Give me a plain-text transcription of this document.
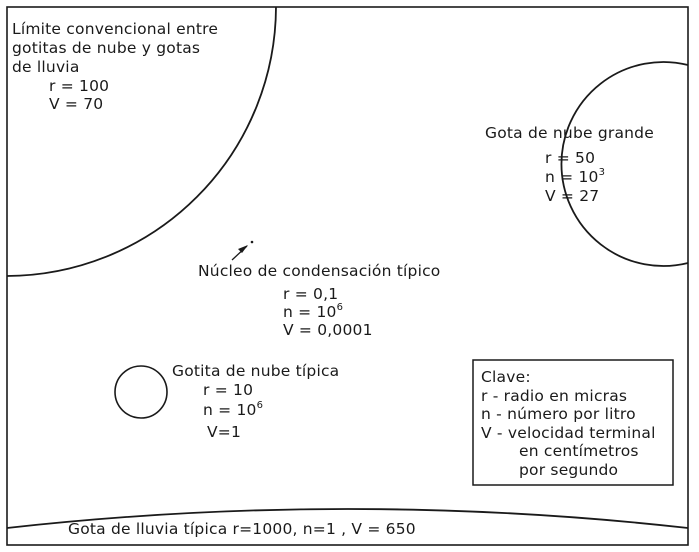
Límite convencional entre
gotitas de nube y gotas
de lluvia
r = 100
V = 70
Gota de nube grande
r = 50
$n = 10^3$
V = 27
Núcleo de condensación típico
r = 0,1
$n = 10^6$
V = 0,0001
Gotita de nube típica
r = 10
$n = 10^6$
V=1
Clave:
r - radio en micras
n - número por litro
V - velocidad terminal
en centímetros
por segundo
Gota de lluvia típica r=1000, n=1 , V = 650
